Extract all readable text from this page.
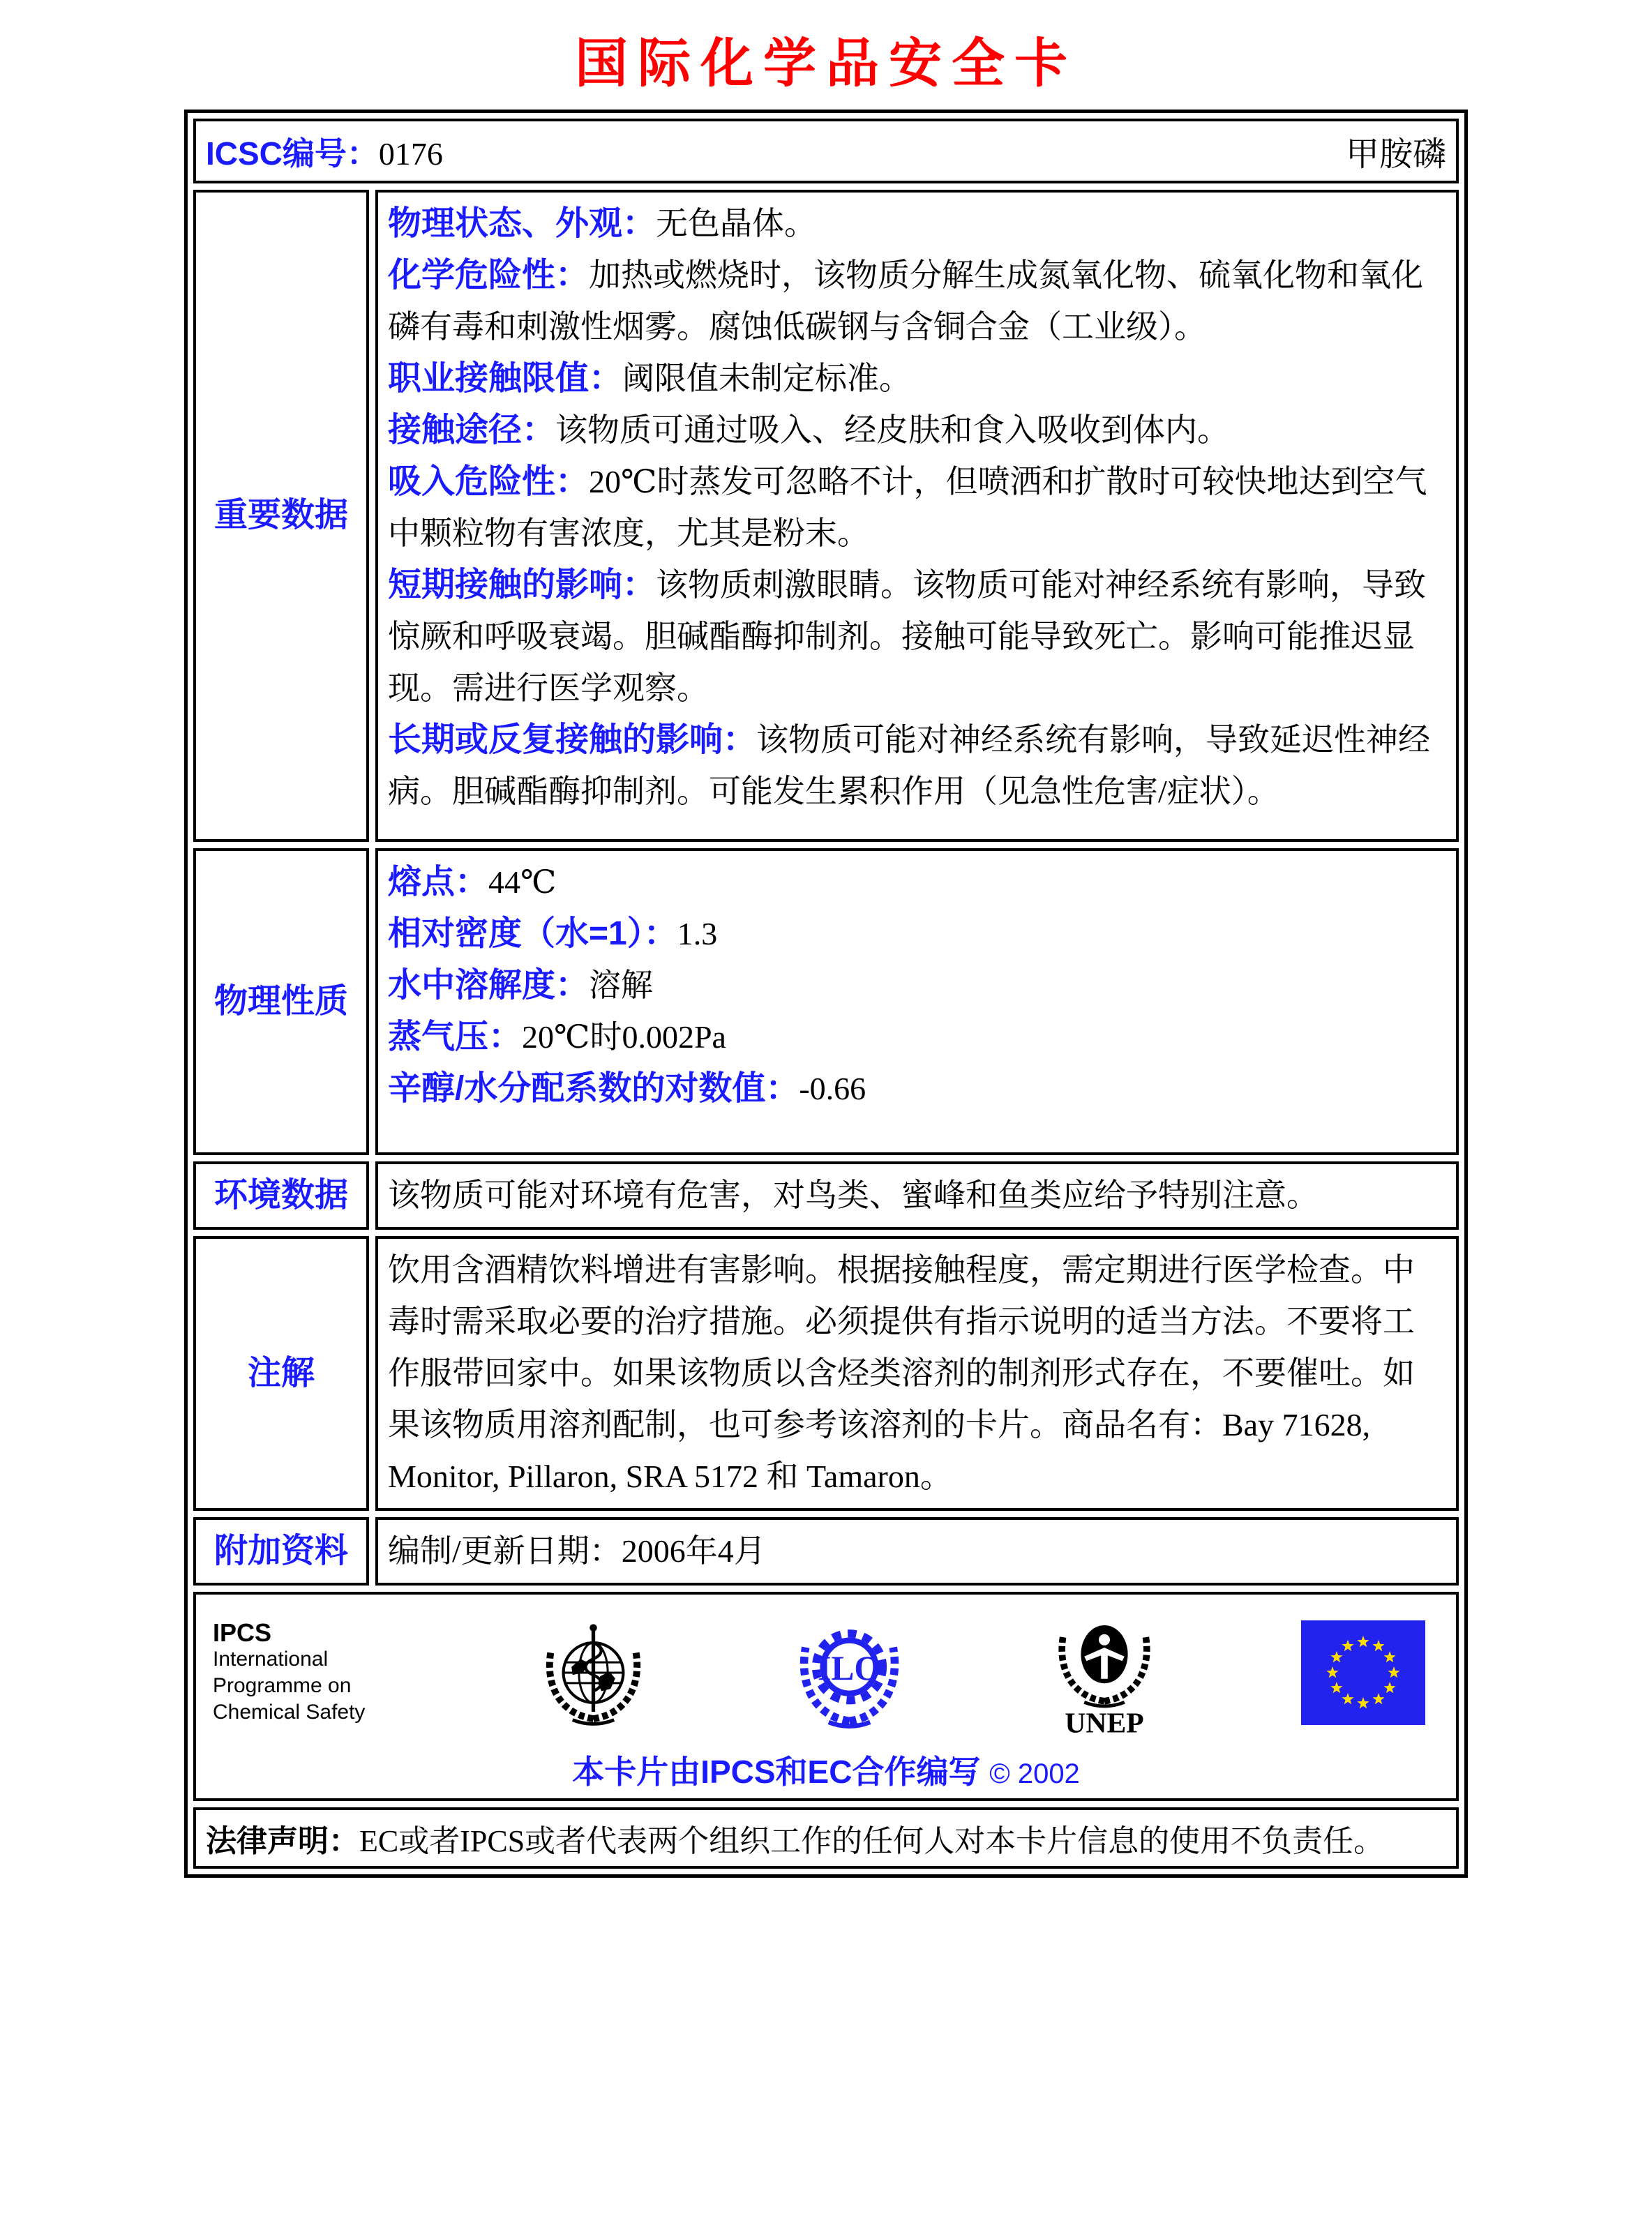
国际化学品安全卡
ICSC编号：0176	甲胺磷
重要数据
物理状态、外观：无色晶体。
化学危险性：加热或燃烧时，该物质分解生成氮氧化物、硫氧化物和氧化磷有毒和刺激性烟雾。腐蚀低碳钢与含铜合金（工业级）。
职业接触限值：阈限值未制定标准。
接触途径：该物质可通过吸入、经皮肤和食入吸收到体内。
吸入危险性：20℃时蒸发可忽略不计，但喷洒和扩散时可较快地达到空气中颗粒物有害浓度，尤其是粉末。
短期接触的影响：该物质刺激眼睛。该物质可能对神经系统有影响，导致惊厥和呼吸衰竭。胆碱酯酶抑制剂。接触可能导致死亡。影响可能推迟显现。需进行医学观察。
长期或反复接触的影响：该物质可能对神经系统有影响，导致延迟性神经病。胆碱酯酶抑制剂。可能发生累积作用（见急性危害/症状）。
物理性质
熔点：44℃
相对密度（水=1）：1.3
水中溶解度：溶解
蒸气压：20℃时0.002Pa
辛醇/水分配系数的对数值：-0.66
环境数据 该物质可能对环境有危害，对鸟类、蜜峰和鱼类应给予特别注意。
注解
饮用含酒精饮料增进有害影响。根据接触程度，需定期进行医学检查。中毒时需采取必要的治疗措施。必须提供有指示说明的适当方法。不要将工作服带回家中。如果该物质以含烃类溶剂的制剂形式存在，不要催吐。如果该物质用溶剂配制，也可参考该溶剂的卡片。商品名有：Bay 71628, Monitor, Pillaron, SRA 5172 和 Tamaron。
附加资料 编制/更新日期：2006年4月
IPCS
International
Programme on
Chemical Safety
ILO
UNEP
本卡片由IPCS和EC合作编写 © 2002
法律声明：EC或者IPCS或者代表两个组织工作的任何人对本卡片信息的使用不负责任。
